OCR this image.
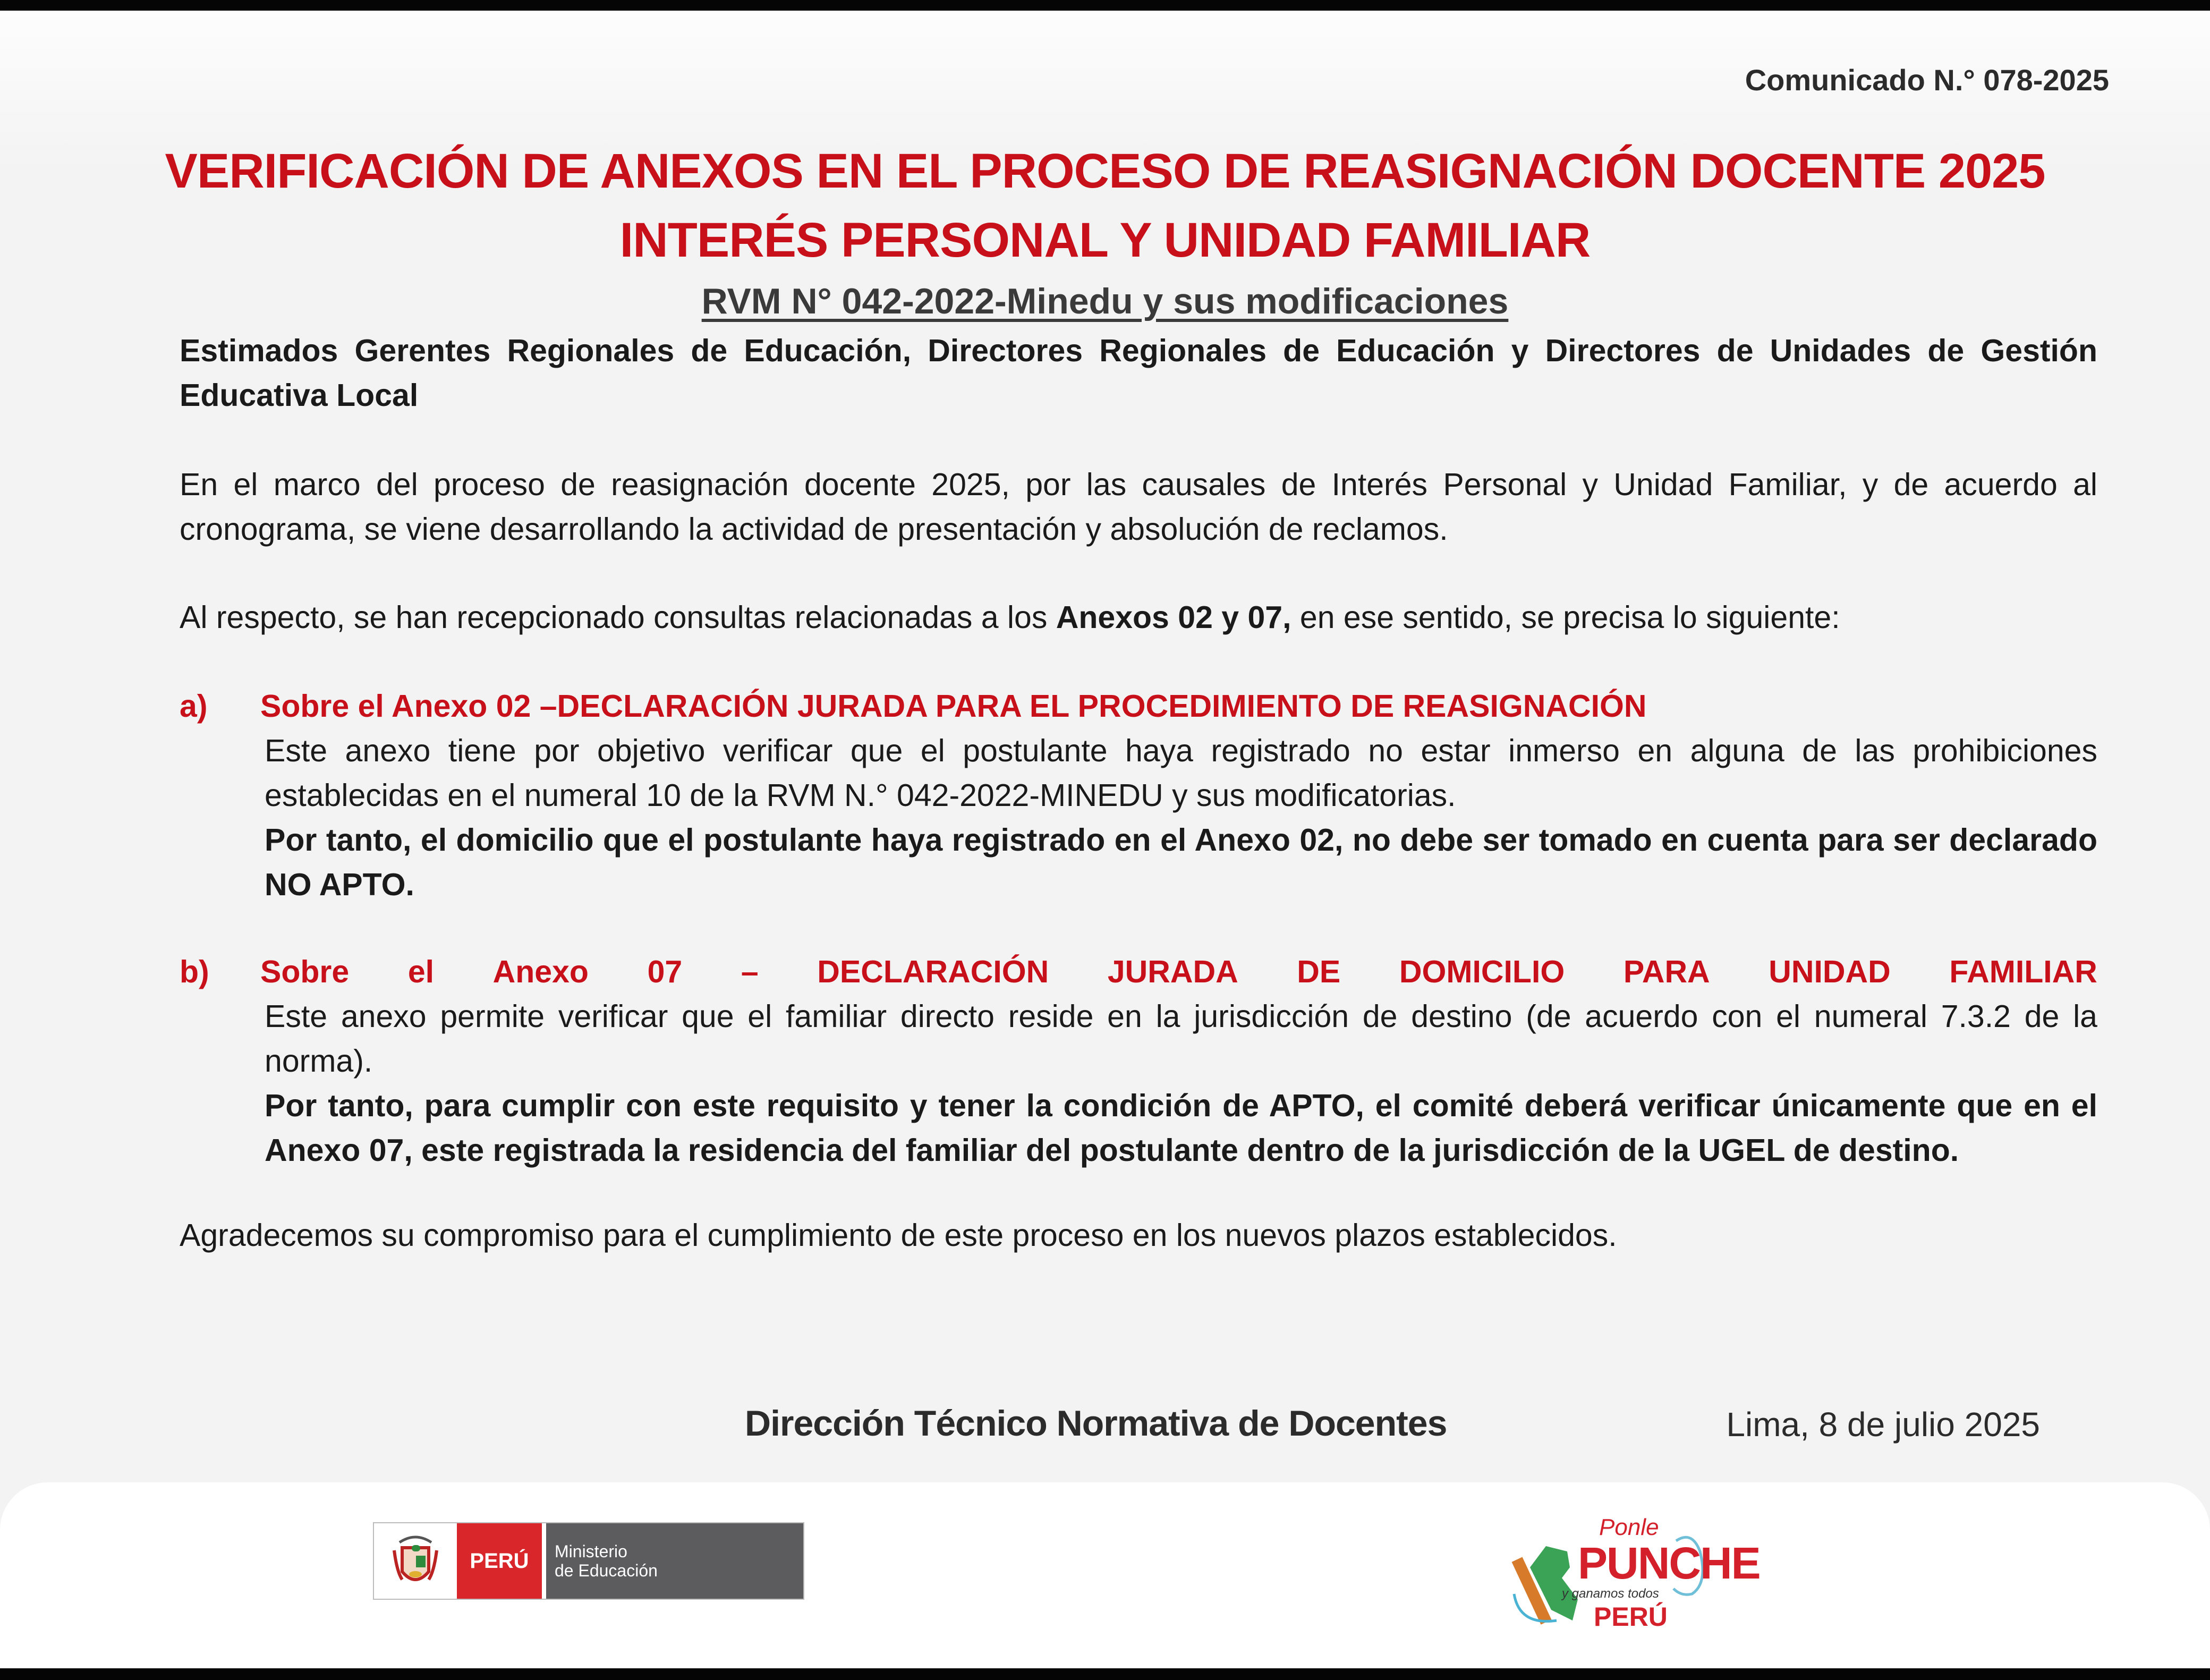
Comunicado N.° 078-2025
VERIFICACIÓN DE ANEXOS EN EL PROCESO DE REASIGNACIÓN DOCENTE 2025
INTERÉS PERSONAL Y UNIDAD FAMILIAR
RVM N° 042-2022-Minedu y sus modificaciones
Estimados Gerentes Regionales de Educación, Directores Regionales de Educación y Directores de Unidades de Gestión Educativa Local
En el marco del proceso de reasignación docente 2025, por las causales de Interés Personal y Unidad Familiar, y de acuerdo al cronograma, se viene desarrollando la actividad de presentación y absolución de reclamos.
Al respecto, se han recepcionado consultas relacionadas a los Anexos 02 y 07, en ese sentido, se precisa lo siguiente:
a) Sobre el Anexo 02 –DECLARACIÓN JURADA PARA EL PROCEDIMIENTO DE REASIGNACIÓN
Este anexo tiene por objetivo verificar que el postulante haya registrado no estar inmerso en alguna de las prohibiciones establecidas en el numeral 10 de la RVM N.° 042-2022-MINEDU y sus modificatorias.
Por tanto, el domicilio que el postulante haya registrado en el Anexo 02, no debe ser tomado en cuenta para ser declarado NO APTO.
b) Sobre el Anexo 07 – DECLARACIÓN JURADA DE DOMICILIO PARA UNIDAD FAMILIAR
Este anexo permite verificar que el familiar directo reside en la jurisdicción de destino (de acuerdo con el numeral 7.3.2 de la norma).
Por tanto, para cumplir con este requisito y tener la condición de APTO, el comité deberá verificar únicamente que en el Anexo 07, este registrada la residencia del familiar del postulante dentro de la jurisdicción de la UGEL de destino.
Agradecemos su compromiso para el cumplimiento de este proceso en los nuevos plazos establecidos.
Dirección Técnico Normativa de Docentes	Lima, 8 de julio 2025
PERÚ	Ministerio
de Educación
Ponle
PUNCHE
y ganamos todos
PERÚ
